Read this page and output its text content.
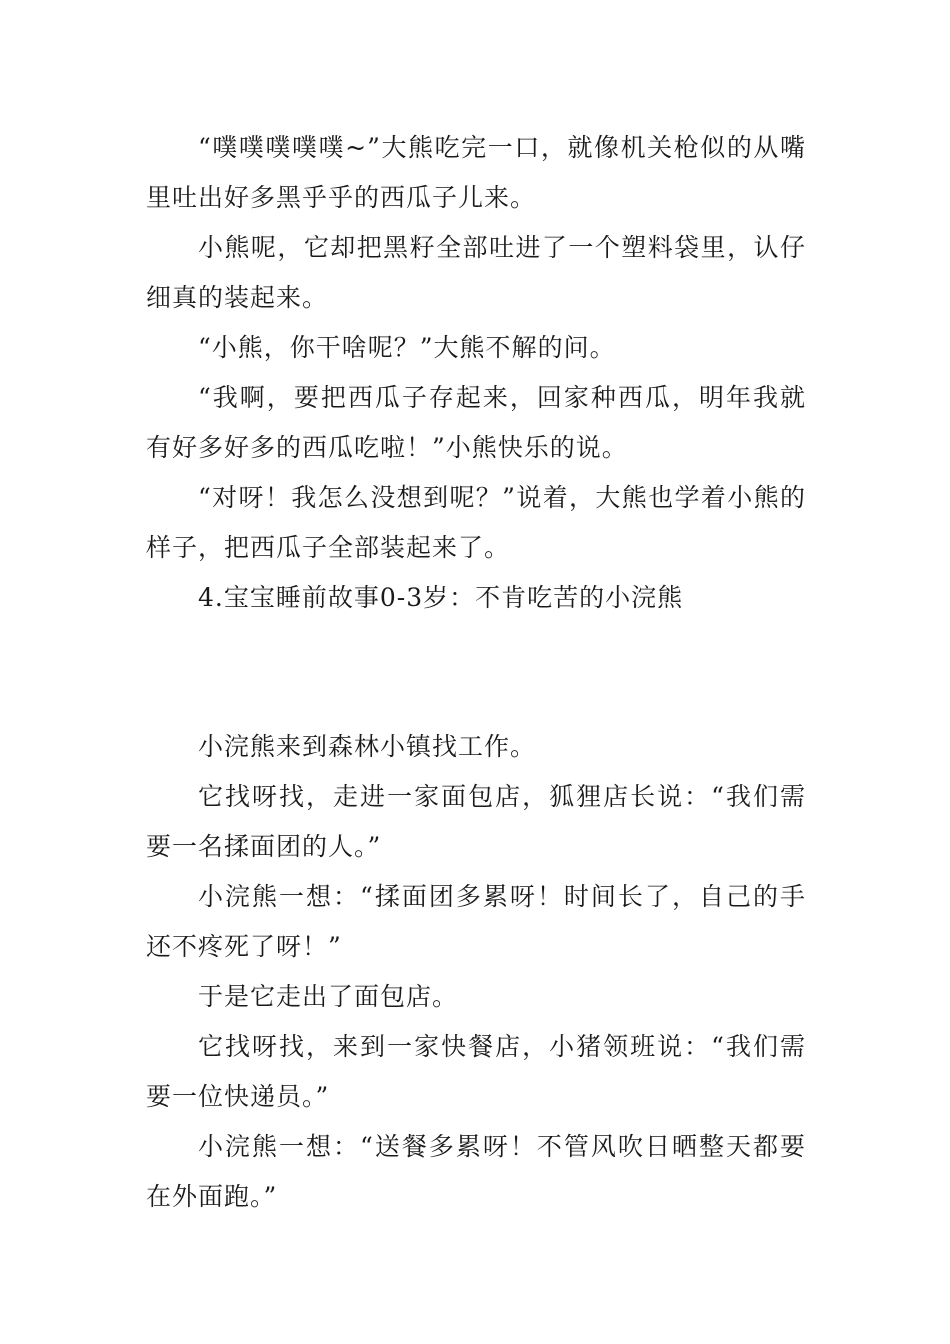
“噗噗噗噗噗~”大熊吃完一口，就像机关枪似的从嘴里吐出好多黑乎乎的西瓜子儿来。

小熊呢，它却把黑籽全部吐进了一个塑料袋里，认仔细真的装起来。

“小熊，你干啥呢？”大熊不解的问。

“我啊，要把西瓜子存起来，回家种西瓜，明年我就有好多好多的西瓜吃啦！”小熊快乐的说。

“对呀！我怎么没想到呢？”说着，大熊也学着小熊的样子，把西瓜子全部装起来了。

4.宝宝睡前故事0-3岁：不肯吃苦的小浣熊

小浣熊来到森林小镇找工作。

它找呀找，走进一家面包店，狐狸店长说：“我们需要一名揉面团的人。”

小浣熊一想：“揉面团多累呀！时间长了，自己的手还不疼死了呀！”

于是它走出了面包店。

它找呀找，来到一家快餐店，小猪领班说：“我们需要一位快递员。”

小浣熊一想：“送餐多累呀！不管风吹日晒整天都要在外面跑。”
